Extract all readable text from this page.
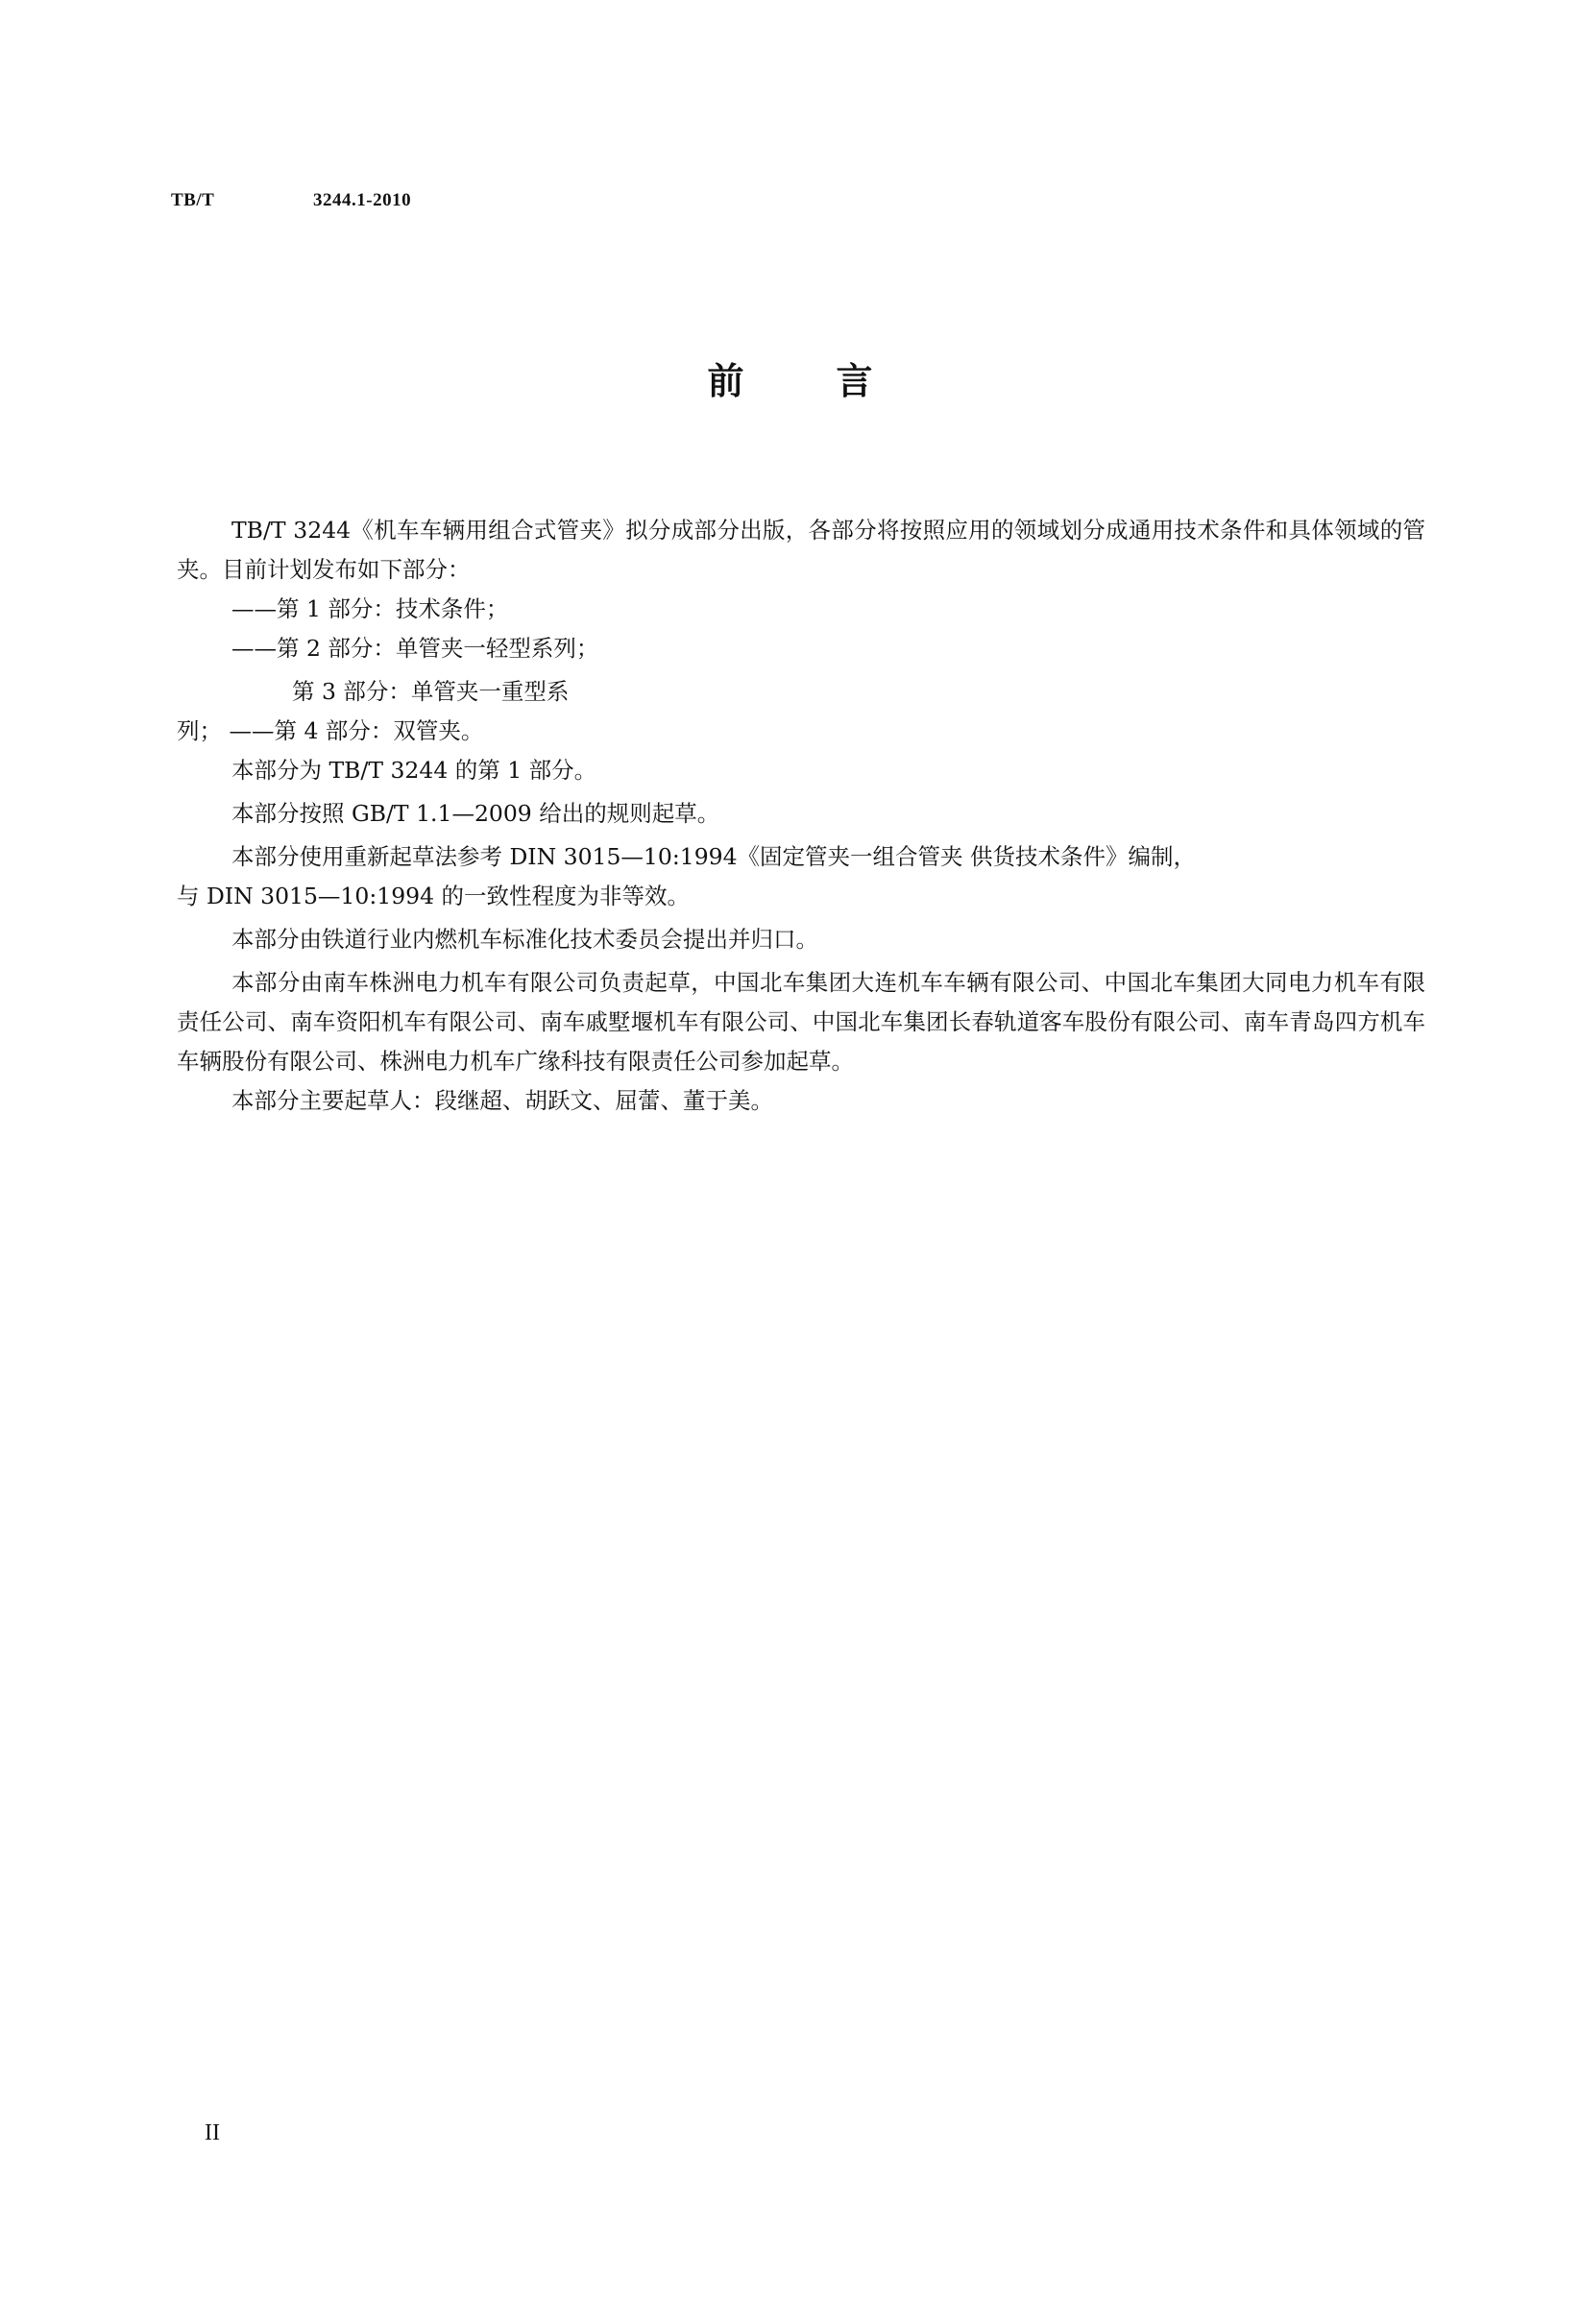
TB/T	3244.1-2010
前	言

TB/T 3244《机车车辆用组合式管夹》拟分成部分出版，各部分将按照应用的领域划分成通用技术条件和具体领域的管夹。目前计划发布如下部分：

——第 1 部分：技术条件；

——第 2 部分：单管夹一轻型系列；

第 3 部分：单管夹一重型系

列； ——第 4 部分：双管夹。

本部分为 TB/T 3244 的第 1 部分。

本部分按照 GB/T 1.1—2009 给出的规则起草。

本部分使用重新起草法参考 DIN 3015—10:1994《固定管夹一组合管夹 供货技术条件》编制，

与 DIN 3015—10:1994 的一致性程度为非等效。

本部分由铁道行业内燃机车标准化技术委员会提出并归口。

本部分由南车株洲电力机车有限公司负责起草，中国北车集团大连机车车辆有限公司、中国北车集团大同电力机车有限责任公司、南车资阳机车有限公司、南车戚墅堰机车有限公司、中国北车集团长春轨道客车股份有限公司、南车青岛四方机车车辆股份有限公司、株洲电力机车广缘科技有限责任公司参加起草。

本部分主要起草人：段继超、胡跃文、屈蕾、董于美。

II
